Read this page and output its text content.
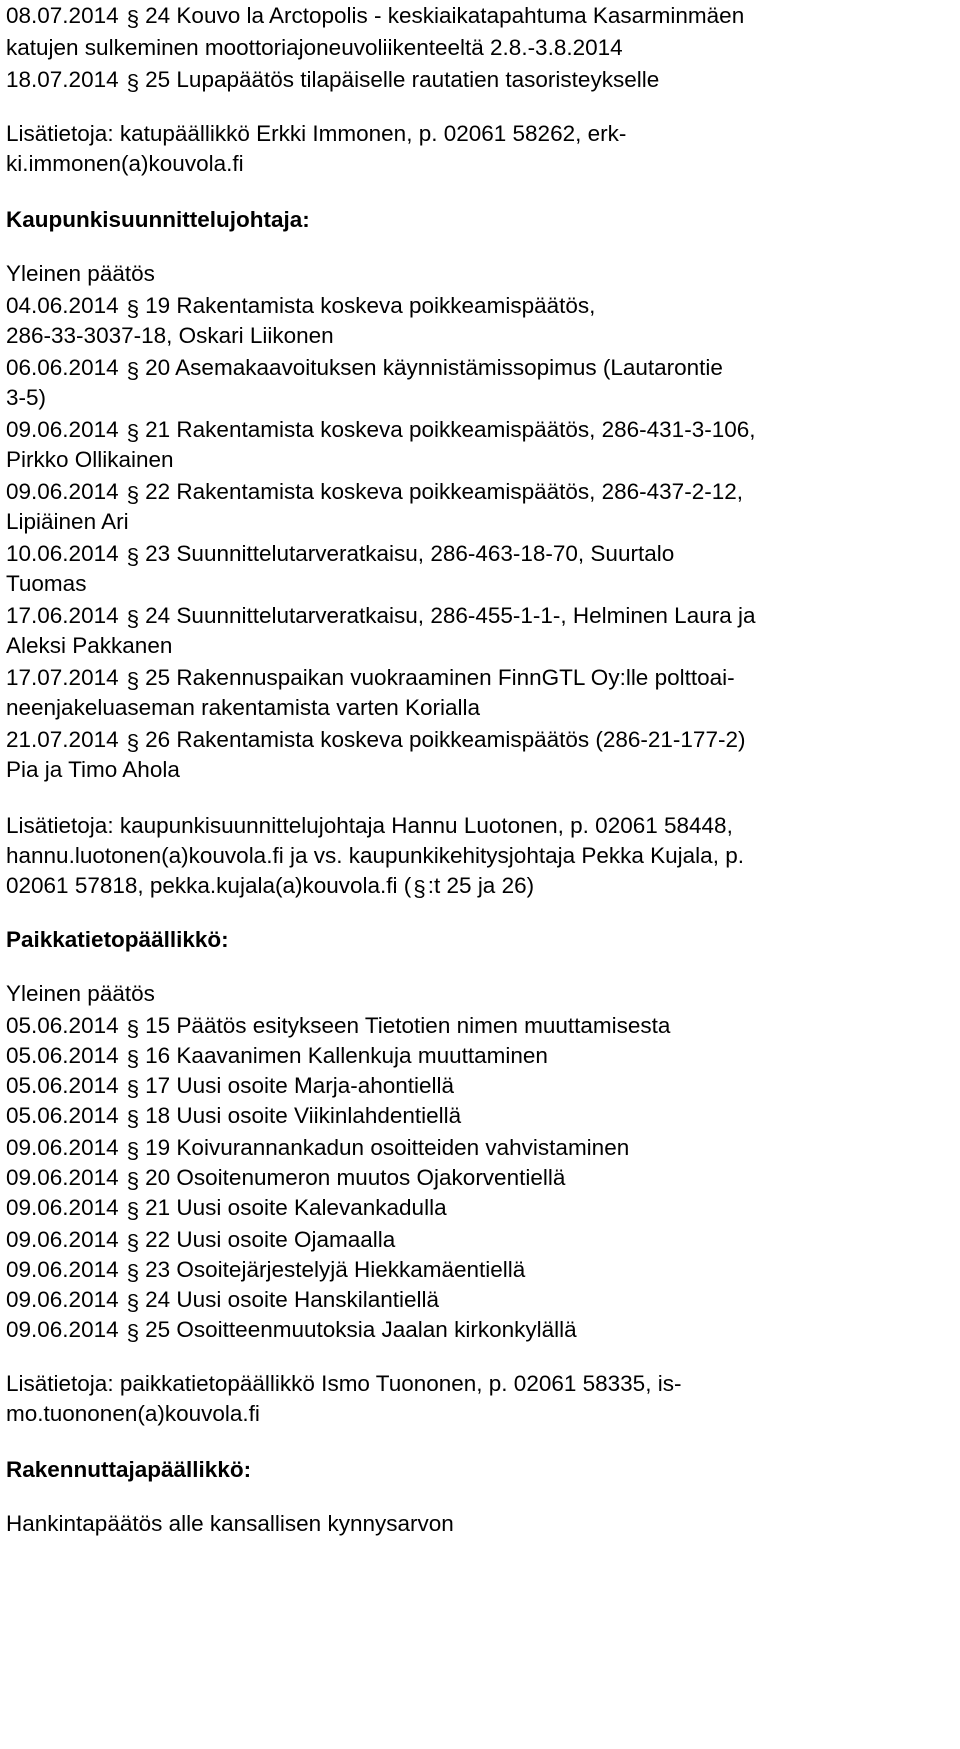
08.07.2014 § 24 Kouvo la Arctopolis - keskiaikatapahtuma Kasarminmäen
katujen sulkeminen moottoriajoneuvoliikenteeltä 2.8.-3.8.2014
18.07.2014 § 25 Lupapäätös tilapäiselle rautatien tasoristeykselle
Lisätietoja: katupäällikkö Erkki Immonen, p. 02061 58262, erk-
ki.immonen(a)kouvola.fi
Kaupunkisuunnittelujohtaja:
Yleinen päätös
04.06.2014 § 19 Rakentamista koskeva poikkeamispäätös,
286-33-3037-18, Oskari Liikonen
06.06.2014 § 20 Asemakaavoituksen käynnistämissopimus (Lautarontie
3-5)
09.06.2014 § 21 Rakentamista koskeva poikkeamispäätös, 286-431-3-106,
Pirkko Ollikainen
09.06.2014 § 22 Rakentamista koskeva poikkeamispäätös, 286-437-2-12,
Lipiäinen Ari
10.06.2014 § 23 Suunnittelutarveratkaisu, 286-463-18-70, Suurtalo
Tuomas
17.06.2014 § 24 Suunnittelutarveratkaisu, 286-455-1-1-, Helminen Laura ja
Aleksi Pakkanen
17.07.2014 § 25 Rakennuspaikan vuokraaminen FinnGTL Oy:lle polttoai-
neenjakeluaseman rakentamista varten Korialla
21.07.2014 § 26 Rakentamista koskeva poikkeamispäätös (286-21-177-2)
Pia ja Timo Ahola
Lisätietoja: kaupunkisuunnittelujohtaja Hannu Luotonen, p. 02061 58448,
hannu.luotonen(a)kouvola.fi ja vs. kaupunkikehitysjohtaja Pekka Kujala, p.
02061 57818, pekka.kujala(a)kouvola.fi (§:t 25 ja 26)
Paikkatietopäällikkö:
Yleinen päätös
05.06.2014 § 15 Päätös esitykseen Tietotien nimen muuttamisesta
05.06.2014 § 16 Kaavanimen Kallenkuja muuttaminen
05.06.2014 § 17 Uusi osoite Marja-ahontiellä
05.06.2014 § 18 Uusi osoite Viikinlahdentiellä
09.06.2014 § 19 Koivurannankadun osoitteiden vahvistaminen
09.06.2014 § 20 Osoitenumeron muutos Ojakorventiellä
09.06.2014 § 21 Uusi osoite Kalevankadulla
09.06.2014 § 22 Uusi osoite Ojamaalla
09.06.2014 § 23 Osoitejärjestelyjä Hiekkamäentiellä
09.06.2014 § 24 Uusi osoite Hanskilantiellä
09.06.2014 § 25 Osoitteenmuutoksia Jaalan kirkonkylällä
Lisätietoja: paikkatietopäällikkö Ismo Tuononen, p. 02061 58335, is-
mo.tuononen(a)kouvola.fi
Rakennuttajapäällikkö:
Hankintapäätös alle kansallisen kynnysarvon
